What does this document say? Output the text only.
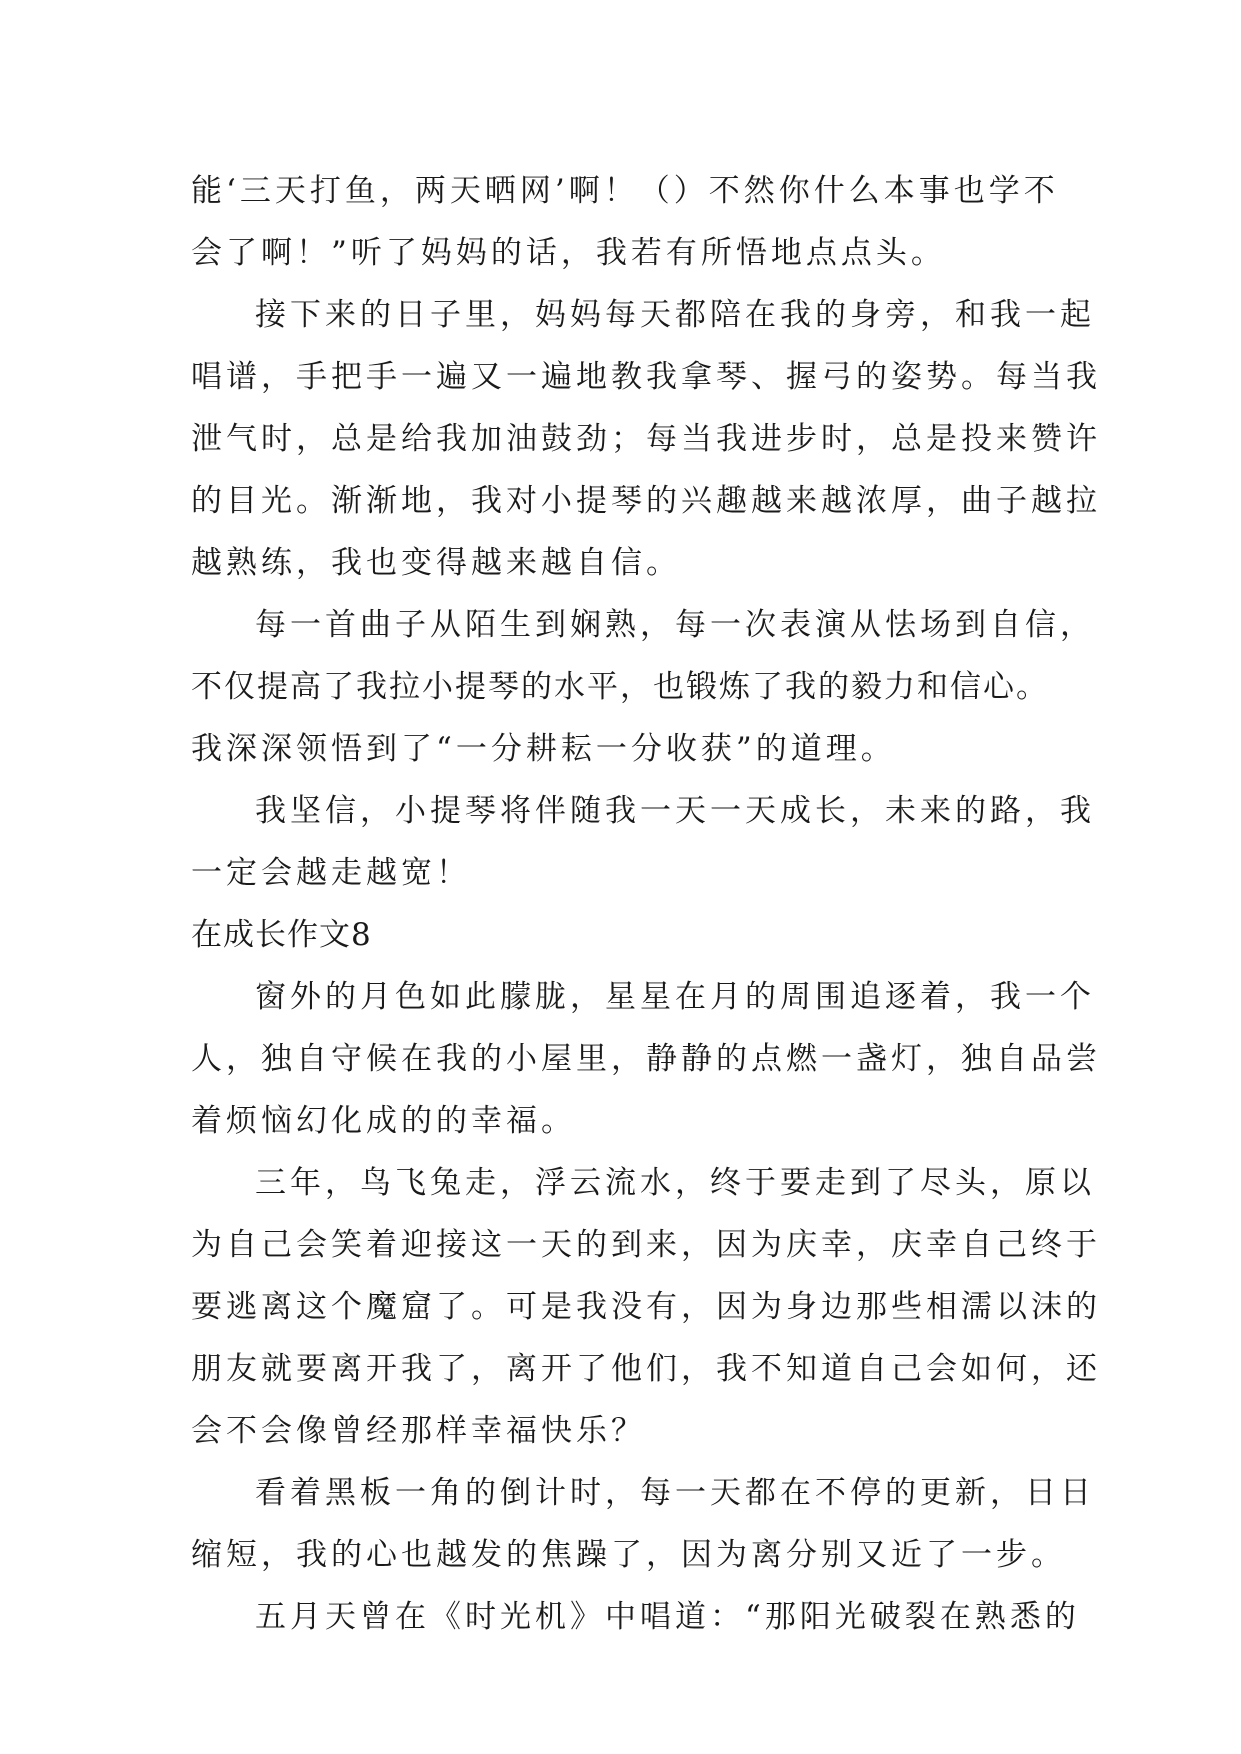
能‘三天打鱼，两天晒网’啊！（）不然你什么本事也学不
会了啊！”听了妈妈的话，我若有所悟地点点头。
接下来的日子里，妈妈每天都陪在我的身旁，和我一起
唱谱，手把手一遍又一遍地教我拿琴、握弓的姿势。每当我
泄气时，总是给我加油鼓劲；每当我进步时，总是投来赞许
的目光。渐渐地，我对小提琴的兴趣越来越浓厚，曲子越拉
越熟练，我也变得越来越自信。
每一首曲子从陌生到娴熟，每一次表演从怯场到自信，
不仅提高了我拉小提琴的水平，也锻炼了我的毅力和信心。
我深深领悟到了“一分耕耘一分收获”的道理。
我坚信，小提琴将伴随我一天一天成长，未来的路，我
一定会越走越宽！
在成长作文8
窗外的月色如此朦胧，星星在月的周围追逐着，我一个
人，独自守候在我的小屋里，静静的点燃一盏灯，独自品尝
着烦恼幻化成的的幸福。
三年，鸟飞兔走，浮云流水，终于要走到了尽头，原以
为自己会笑着迎接这一天的到来，因为庆幸，庆幸自己终于
要逃离这个魔窟了。可是我没有，因为身边那些相濡以沫的
朋友就要离开我了，离开了他们，我不知道自己会如何，还
会不会像曾经那样幸福快乐？
看着黑板一角的倒计时，每一天都在不停的更新，日日
缩短，我的心也越发的焦躁了，因为离分别又近了一步。
五月天曾在《时光机》中唱道：“那阳光破裂在熟悉的
